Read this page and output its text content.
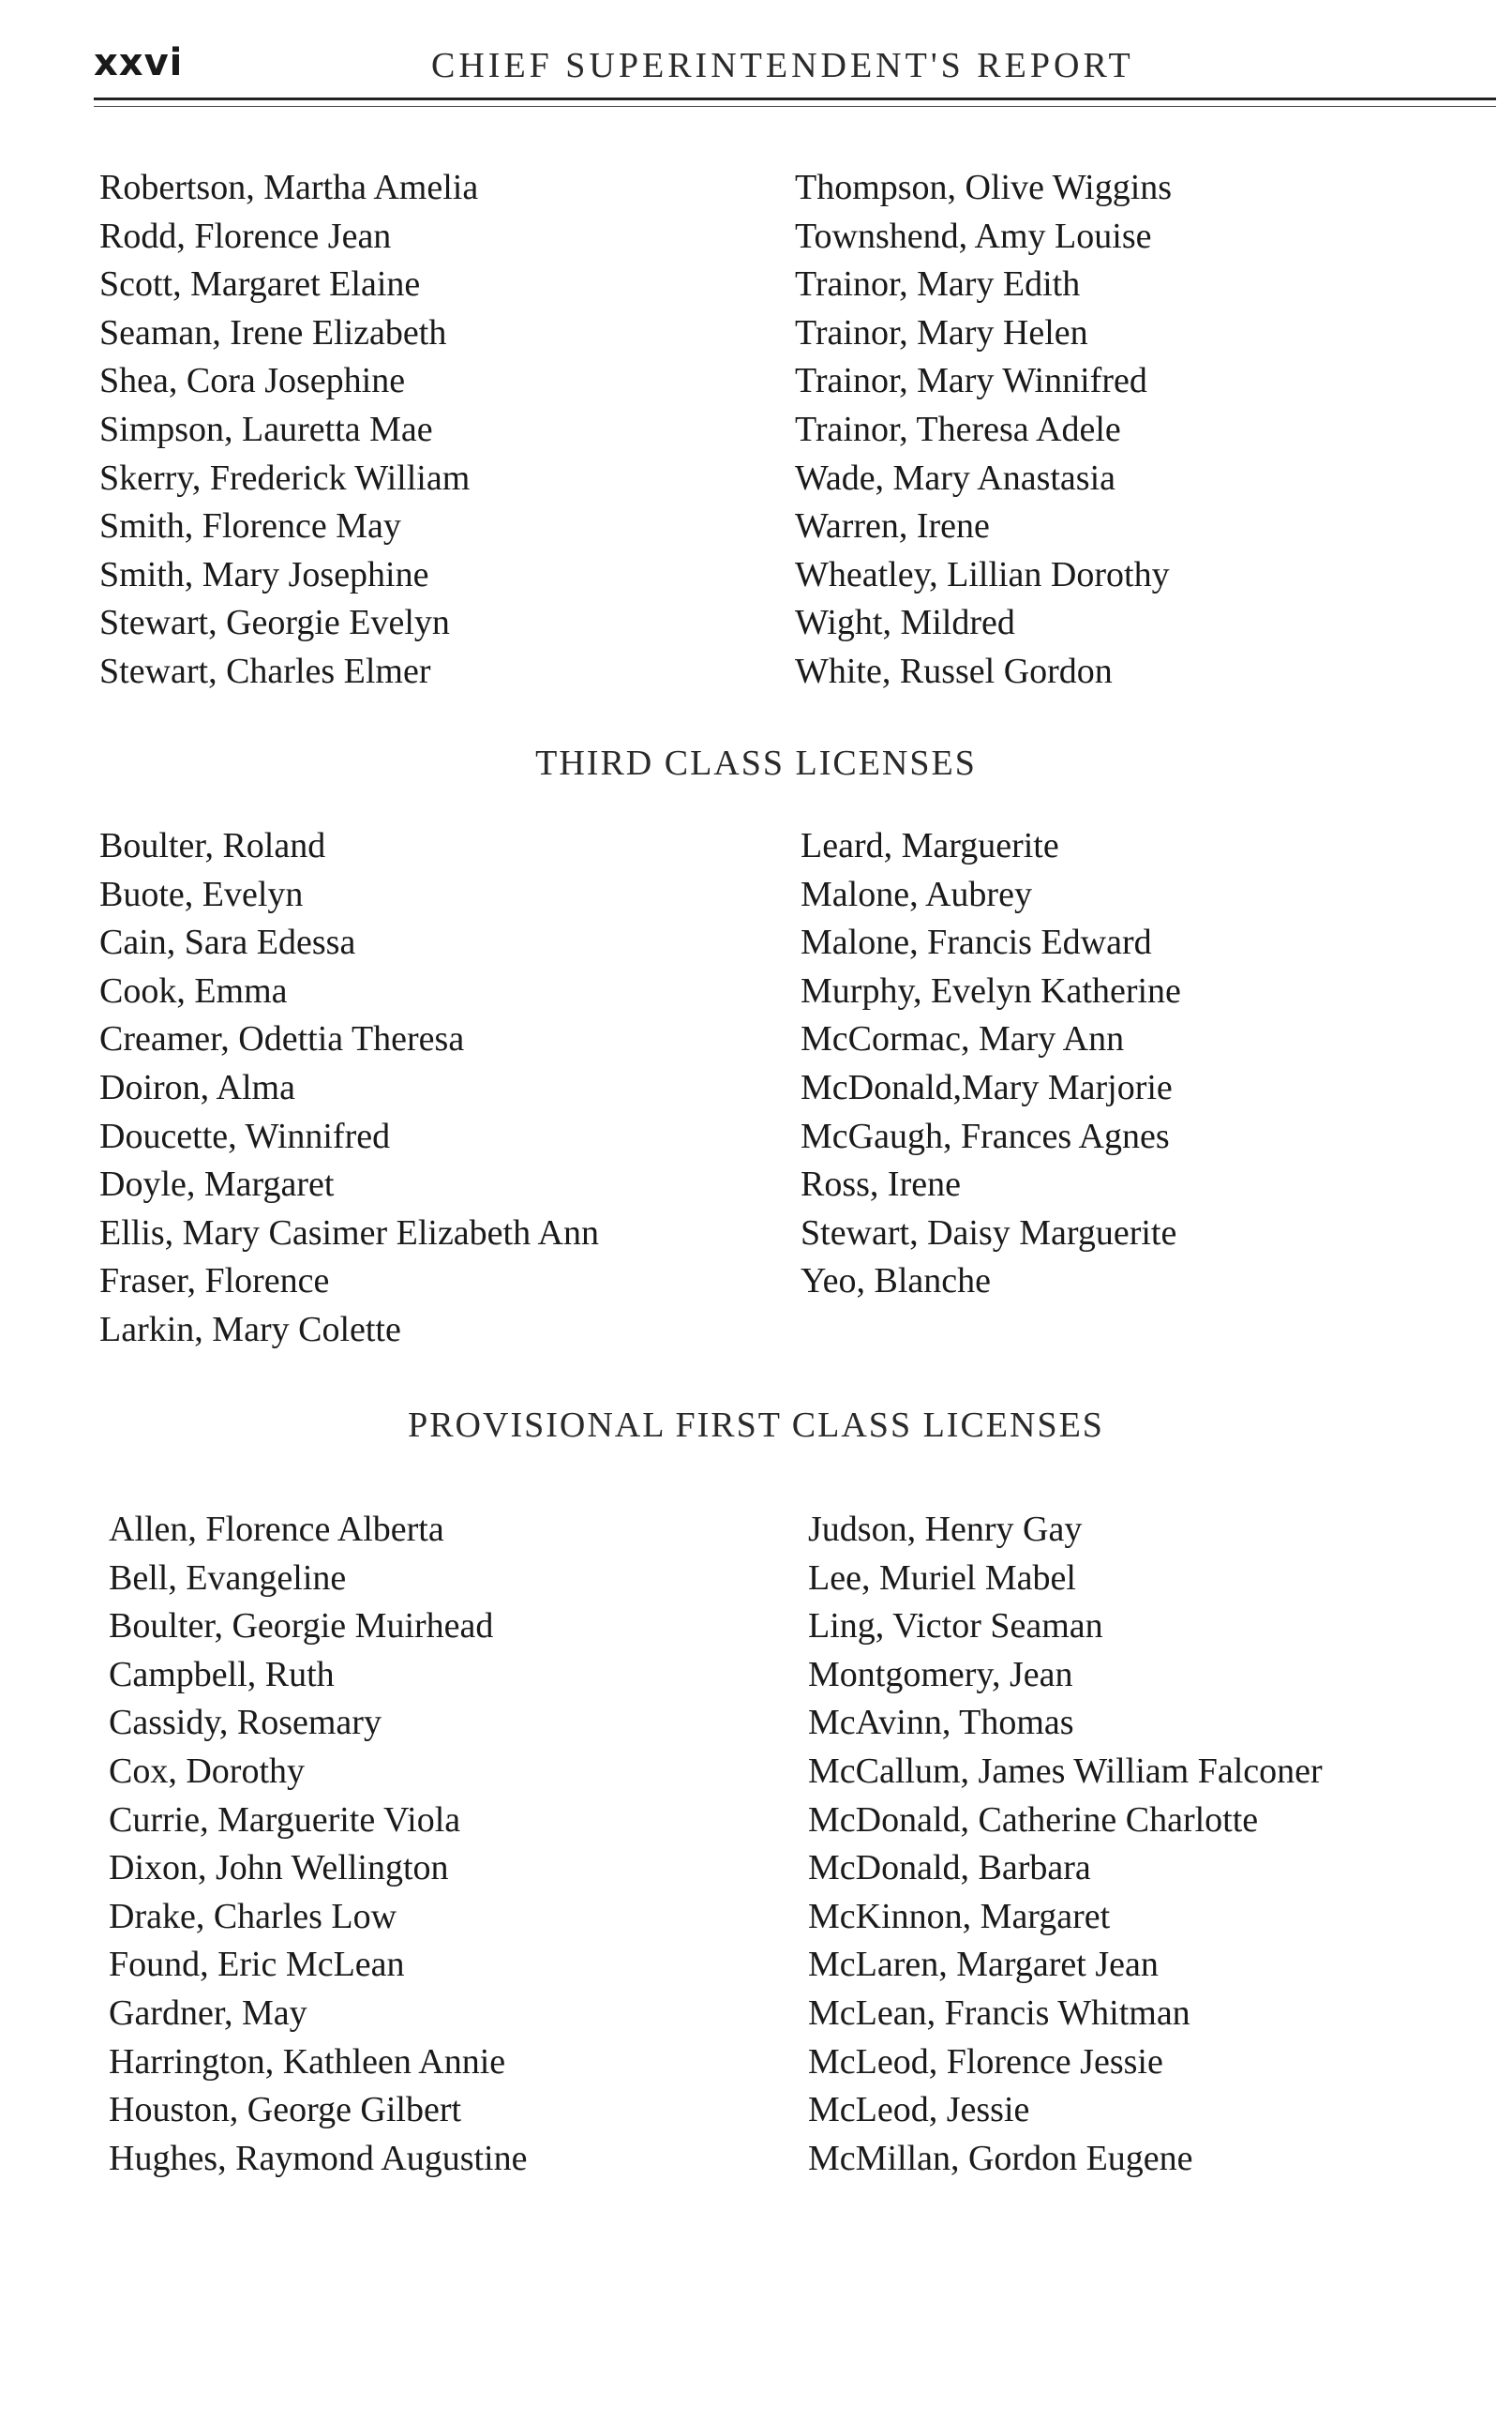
xxvi	CHIEF SUPERINTENDENT'S REPORT
Robertson, Martha Amelia
Rodd, Florence Jean
Scott, Margaret Elaine
Seaman, Irene Elizabeth
Shea, Cora Josephine
Simpson, Lauretta Mae
Skerry, Frederick William
Smith, Florence May
Smith, Mary Josephine
Stewart, Georgie Evelyn
Stewart, Charles Elmer
Thompson, Olive Wiggins
Townshend, Amy Louise
Trainor, Mary Edith
Trainor, Mary Helen
Trainor, Mary Winnifred
Trainor, Theresa Adele
Wade, Mary Anastasia
Warren, Irene
Wheatley, Lillian Dorothy
Wight, Mildred
White, Russel Gordon
THIRD CLASS LICENSES
Boulter, Roland
Buote, Evelyn
Cain, Sara Edessa
Cook, Emma
Creamer, Odettia Theresa
Doiron, Alma
Doucette, Winnifred
Doyle, Margaret
Ellis, Mary Casimer Elizabeth Ann
Fraser, Florence
Larkin, Mary Colette
Leard, Marguerite
Malone, Aubrey
Malone, Francis Edward
Murphy, Evelyn Katherine
McCormac, Mary Ann
McDonald,Mary Marjorie
McGaugh, Frances Agnes
Ross, Irene
Stewart, Daisy Marguerite
Yeo, Blanche
PROVISIONAL FIRST CLASS LICENSES
Allen, Florence Alberta
Bell, Evangeline
Boulter, Georgie Muirhead
Campbell, Ruth
Cassidy, Rosemary
Cox, Dorothy
Currie, Marguerite Viola
Dixon, John Wellington
Drake, Charles Low
Found, Eric McLean
Gardner, May
Harrington, Kathleen Annie
Houston, George Gilbert
Hughes, Raymond Augustine
Judson, Henry Gay
Lee, Muriel Mabel
Ling, Victor Seaman
Montgomery, Jean
McAvinn, Thomas
McCallum, James William Falconer
McDonald, Catherine Charlotte
McDonald, Barbara
McKinnon, Margaret
McLaren, Margaret Jean
McLean, Francis Whitman
McLeod, Florence Jessie
McLeod, Jessie
McMillan, Gordon Eugene
